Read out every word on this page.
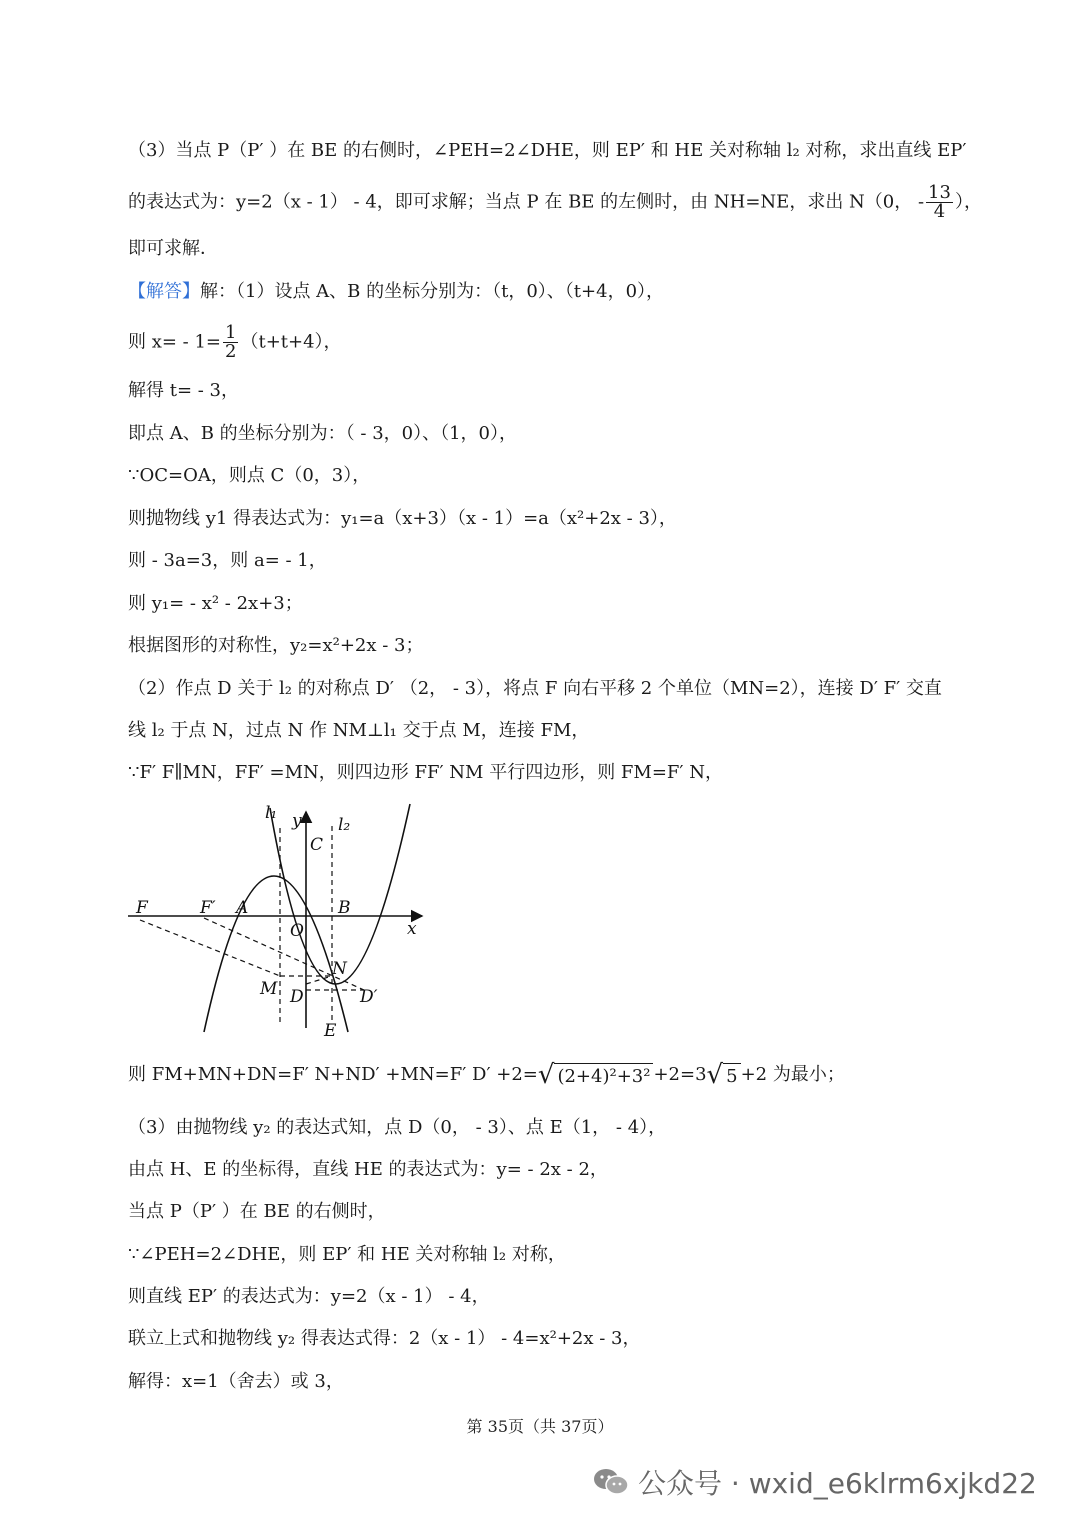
（3）当点 P（P′ ）在 BE 的右侧时，∠PEH=2∠DHE，则 EP′ 和 HE 关对称轴 l₂ 对称，求出直线 EP′
的表达式为：y=2（x - 1） - 4，即可求解；当点 P 在 BE 的左侧时，由 NH=NE，求出 N（0， - $\frac{13}{4}$ ），
即可求解．
【解答】解：（1）设点 A、B 的坐标分别为：（t，0）、（t+4，0），
则 $x= - 1= \frac{1}{2} (t+t+4)$，
解得 t= - 3，
即点 A、B 的坐标分别为：（ - 3，0）、（1，0），
∵OC=OA，则点 C（0，3），
则抛物线 y1 得表达式为：y₁=a（x+3）（x - 1）=a（x²+2x - 3），
则 - 3a=3，则 a= - 1，
则 y₁= - x² - 2x+3；
根据图形的对称性，y₂=x²+2x - 3；
（2）作点 D 关于 l₂ 的对称点 D′ （2， - 3），将点 F 向右平移 2 个单位（MN=2），连接 D′ F′ 交直
线 l₂ 于点 N，过点 N 作 NM⊥l₁ 交于点 M，连接 FM，
∵F′ F∥MN，FF′ =MN，则四边形 FF′ NM 平行四边形，则 FM=F′ N，
l₁
l₂
y
x
C
F	F′ A	B
O
N
M D	D′
E
则 FM+MN+DN=F′ N+ND′ +MN=F′ D′ +2=√ (2+4)²+3² +2=3√ 5 +2 为最小；
（3）由抛物线 y₂ 的表达式知，点 D（0， - 3）、点 E（1， - 4），
由点 H、E 的坐标得，直线 HE 的表达式为：y= - 2x - 2，
当点 P（P′ ）在 BE 的右侧时，
∵∠PEH=2∠DHE，则 EP′ 和 HE 关对称轴 l₂ 对称，
则直线 EP′ 的表达式为：y=2（x - 1） - 4，
联立上式和抛物线 y₂ 得表达式得：2（x - 1） - 4=x²+2x - 3，
解得：x=1（舍去）或 3，
第 35页（共 37页）
公众号 · wxid_e6klrm6xjkd22
